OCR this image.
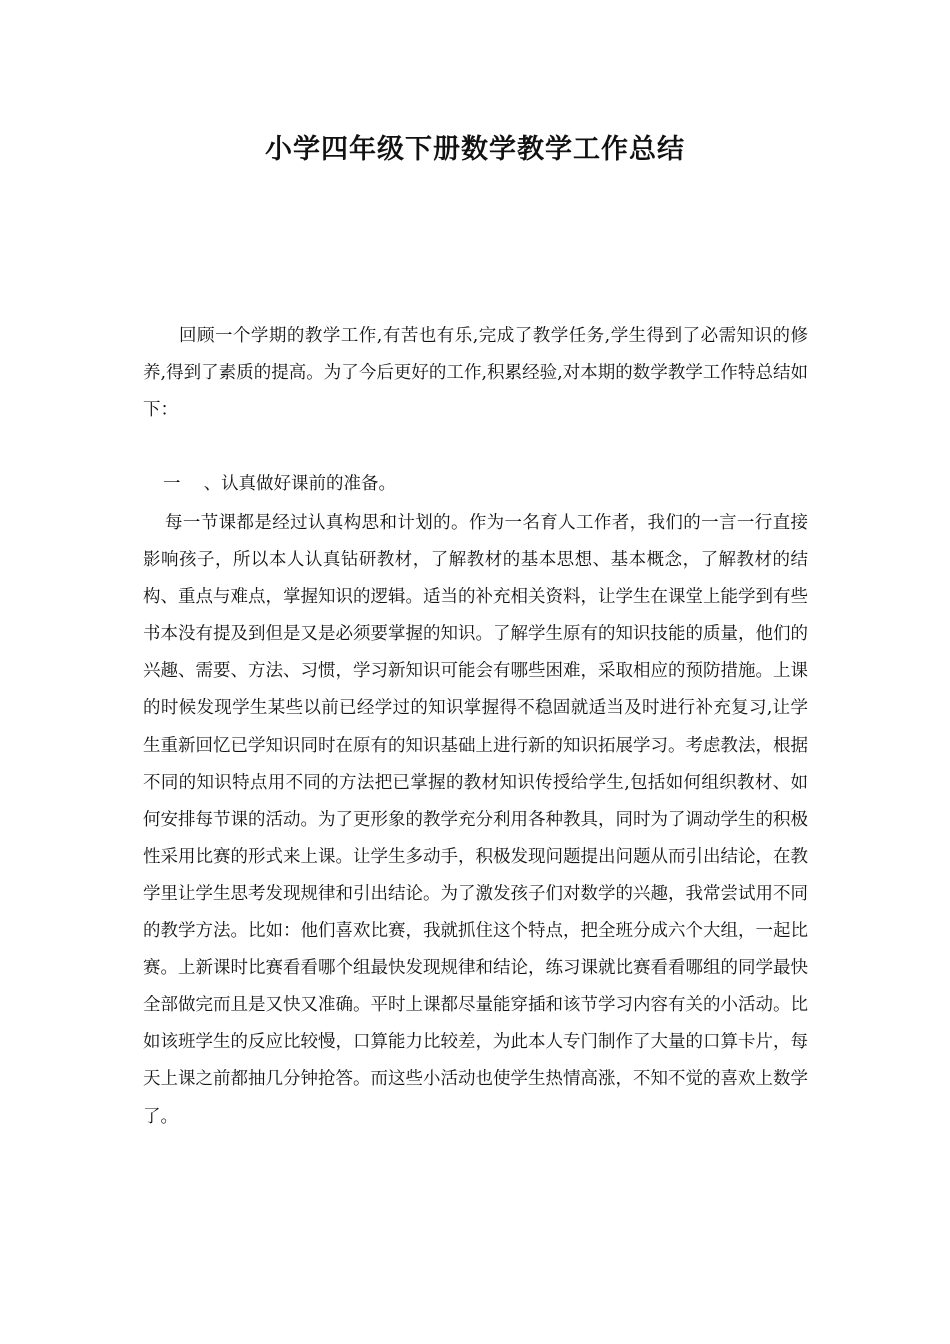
小学四年级下册数学教学工作总结

回顾一个学期的教学工作,有苦也有乐,完成了教学任务,学生得到了必需知识的修养,得到了素质的提高。为了今后更好的工作,积累经验,对本期的数学教学工作特总结如下：

一　 、认真做好课前的准备。

每一节课都是经过认真构思和计划的。作为一名育人工作者，我们的一言一行直接影响孩子，所以本人认真钻研教材，了解教材的基本思想、基本概念，了解教材的结构、重点与难点，掌握知识的逻辑。适当的补充相关资料，让学生在课堂上能学到有些书本没有提及到但是又是必须要掌握的知识。了解学生原有的知识技能的质量，他们的兴趣、需要、方法、习惯，学习新知识可能会有哪些困难，采取相应的预防措施。上课的时候发现学生某些以前已经学过的知识掌握得不稳固就适当及时进行补充复习,让学生重新回忆已学知识同时在原有的知识基础上进行新的知识拓展学习。考虑教法，根据不同的知识特点用不同的方法把已掌握的教材知识传授给学生,包括如何组织教材、如何安排每节课的活动。为了更形象的教学充分利用各种教具，同时为了调动学生的积极性采用比赛的形式来上课。让学生多动手，积极发现问题提出问题从而引出结论，在教学里让学生思考发现规律和引出结论。为了激发孩子们对数学的兴趣，我常尝试用不同的教学方法。比如：他们喜欢比赛，我就抓住这个特点，把全班分成六个大组，一起比赛。上新课时比赛看看哪个组最快发现规律和结论，练习课就比赛看看哪组的同学最快全部做完而且是又快又准确。平时上课都尽量能穿插和该节学习内容有关的小活动。比如该班学生的反应比较慢，口算能力比较差，为此本人专门制作了大量的口算卡片，每天上课之前都抽几分钟抢答。而这些小活动也使学生热情高涨，不知不觉的喜欢上数学了。
